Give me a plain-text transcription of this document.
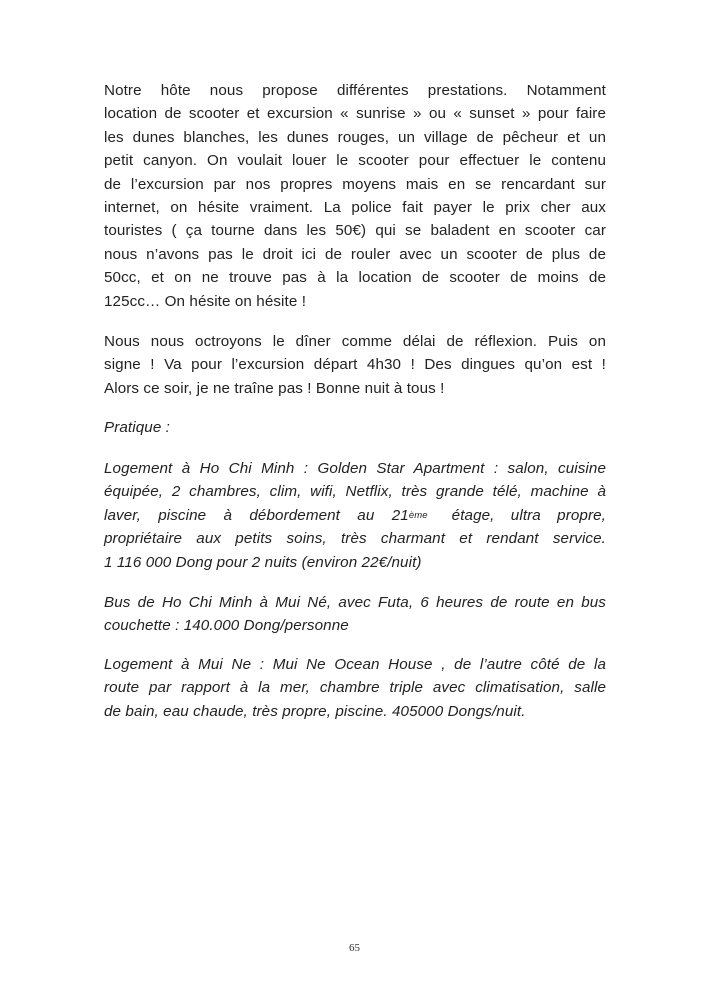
Notre hôte nous propose différentes prestations. Notamment
location de scooter et excursion « sunrise » ou « sunset » pour faire
les dunes blanches, les dunes rouges, un village de pêcheur et un
petit canyon. On voulait louer le scooter pour effectuer le contenu
de l’excursion par nos propres moyens mais en se rencardant sur
internet, on hésite vraiment. La police fait payer le prix cher aux
touristes ( ça tourne dans les 50€) qui se baladent en scooter car
nous n’avons pas le droit ici de rouler avec un scooter de plus de
50cc, et on ne trouve pas à la location de scooter de moins de
125cc… On hésite on hésite !
Nous nous octroyons le dîner comme délai de réflexion. Puis on
signe ! Va pour l’excursion départ 4h30 ! Des dingues qu’on est !
Alors ce soir, je ne traîne pas ! Bonne nuit à tous !
Pratique :
Logement à Ho Chi Minh : Golden Star Apartment : salon, cuisine
équipée, 2 chambres, clim, wifi, Netflix, très grande télé, machine à
laver, piscine à débordement au 21 ème étage, ultra propre,
propriétaire aux petits soins, très charmant et rendant service.
1 116 000 Dong pour 2 nuits (environ 22€/nuit)
Bus de Ho Chi Minh à Mui Né, avec Futa, 6 heures de route en bus
couchette : 140.000 Dong/personne
Logement à Mui Ne : Mui Ne Ocean House , de l’autre côté de la
route par rapport à la mer, chambre triple avec climatisation, salle
de bain, eau chaude, très propre, piscine. 405000 Dongs/nuit.
65
